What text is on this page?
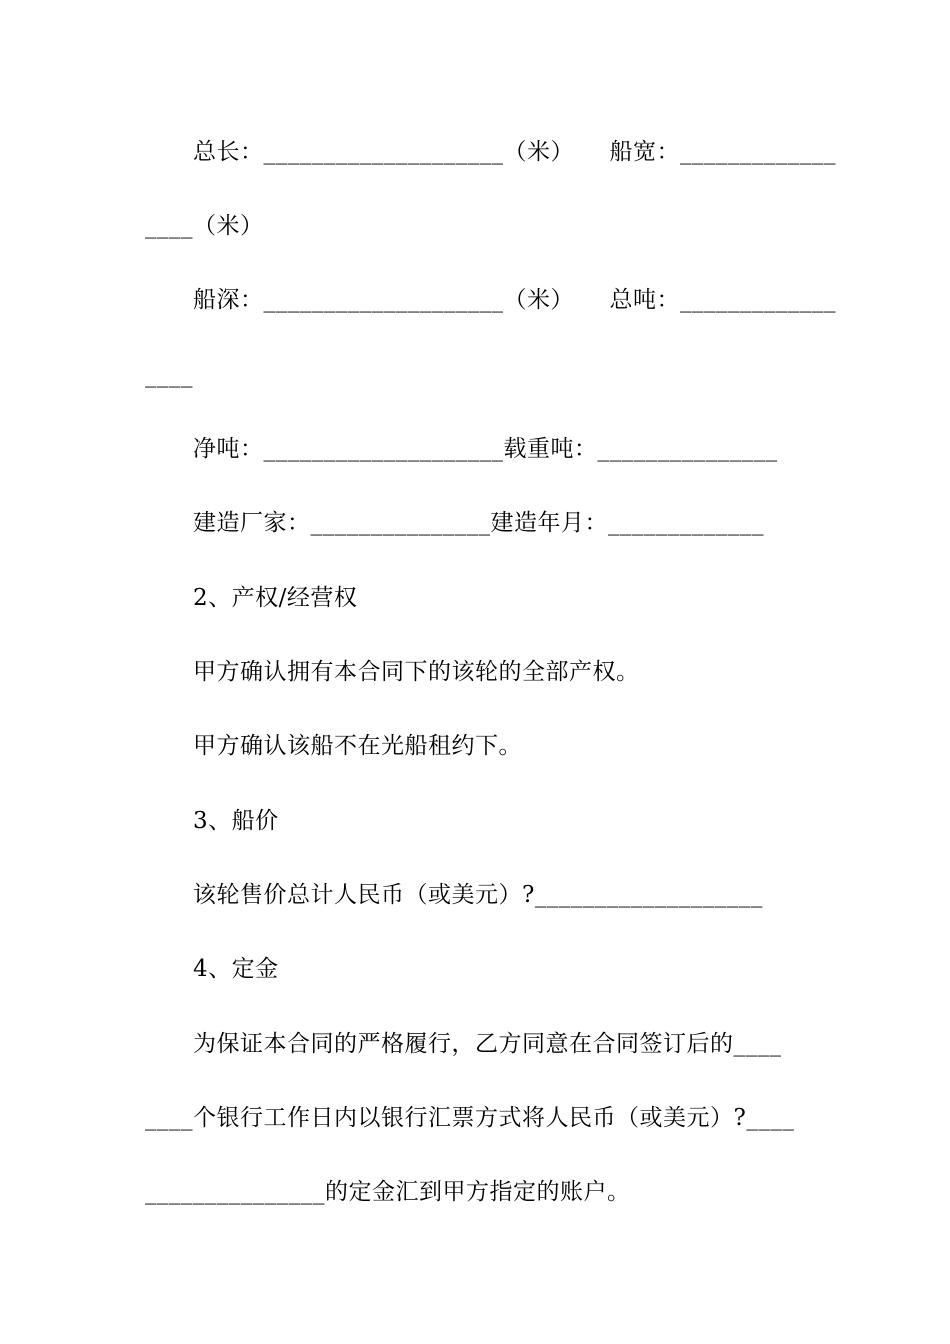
总长：____________________（米）　　船宽：_____________
____（米）
船深：____________________（米）　　总吨：_____________
____
净吨：____________________载重吨：_______________
建造厂家：_______________建造年月：_____________
2、产权/经营权
甲方确认拥有本合同下的该轮的全部产权。
甲方确认该船不在光船租约下。
3、船价
该轮售价总计人民币（或美元）?___________________
4、定金
为保证本合同的严格履行，乙方同意在合同签订后的____
____个银行工作日内以银行汇票方式将人民币（或美元）?____
_______________的定金汇到甲方指定的账户。
